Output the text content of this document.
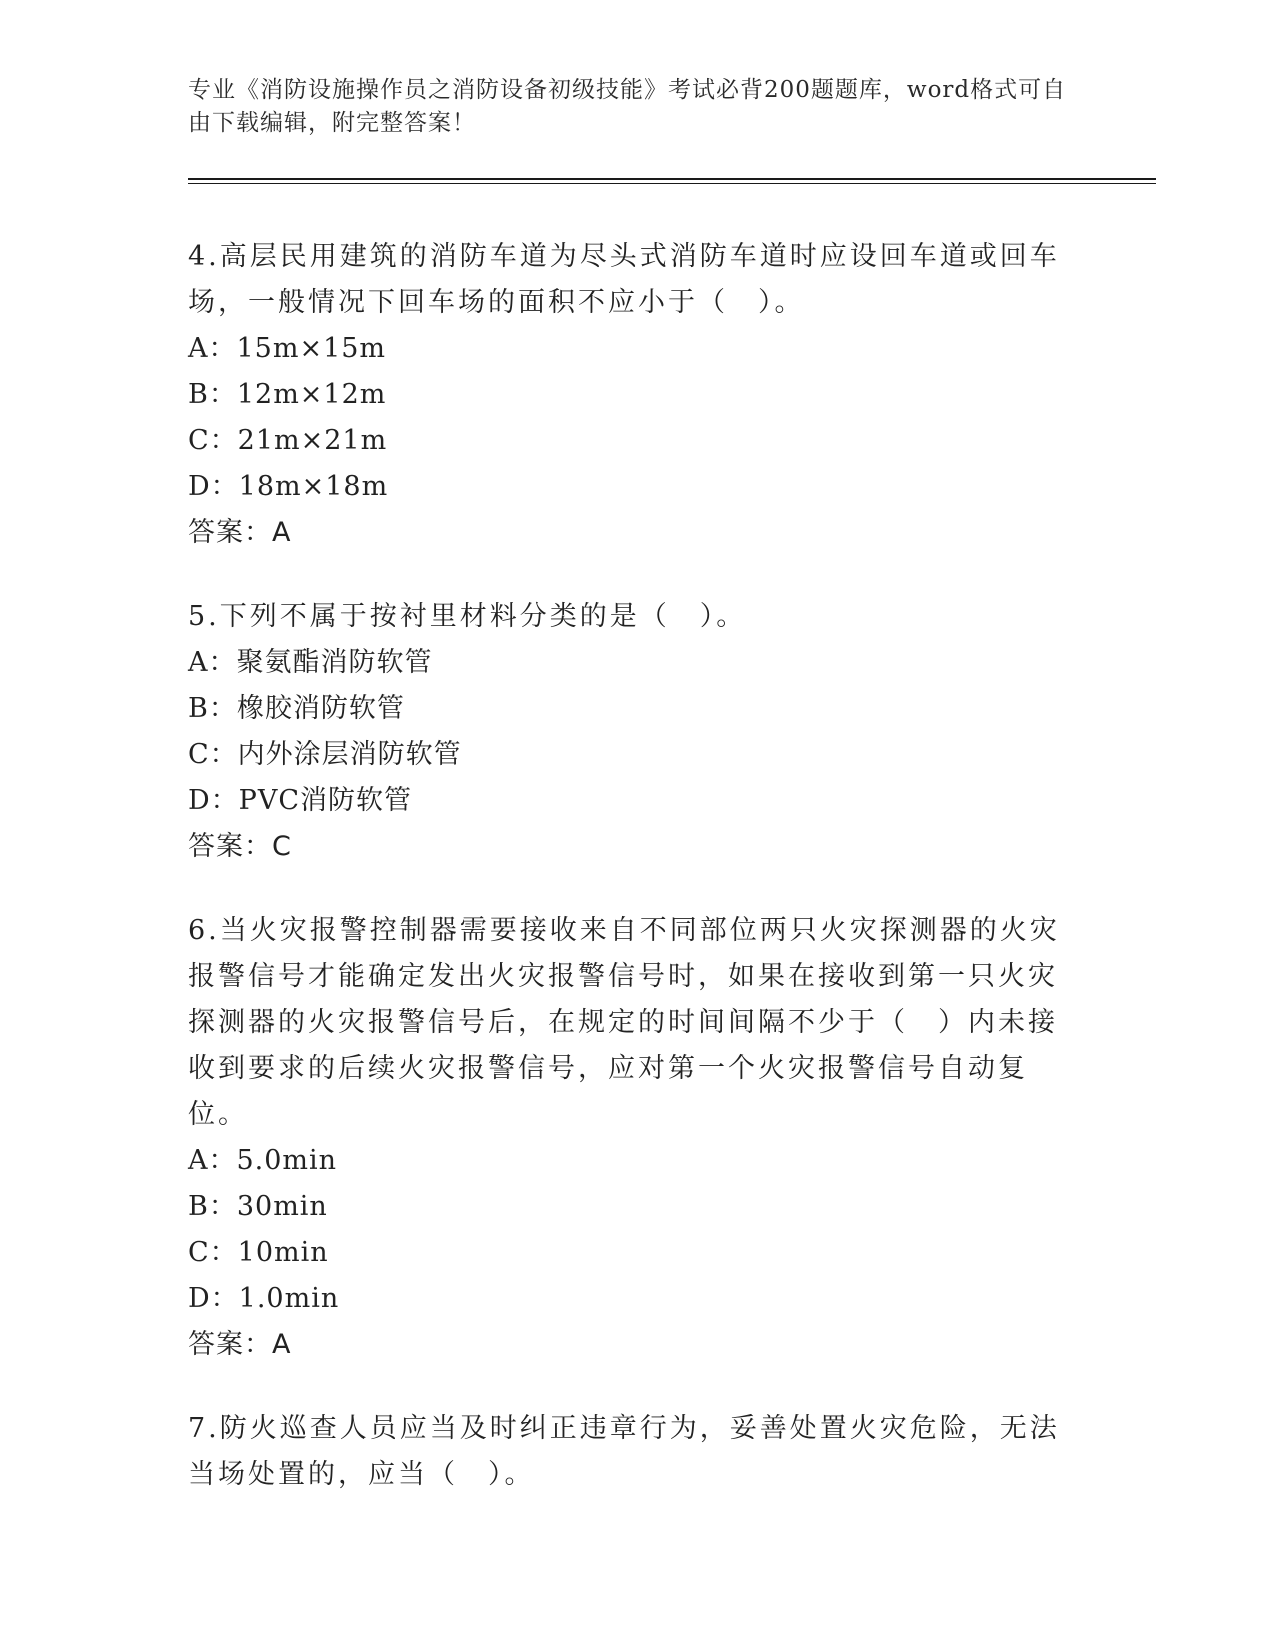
专业《消防设施操作员之消防设备初级技能》考试必背200题题库，word格式可自由下载编辑，附完整答案！

4.高层民用建筑的消防车道为尽头式消防车道时应设回车道或回车场，一般情况下回车场的面积不应小于（　）。

A：15m×15m

B：12m×12m

C：21m×21m

D：18m×18m

答案：A

5.下列不属于按衬里材料分类的是（　）。

A：聚氨酯消防软管

B：橡胶消防软管

C：内外涂层消防软管

D：PVC消防软管

答案：C

6.当火灾报警控制器需要接收来自不同部位两只火灾探测器的火灾报警信号才能确定发出火灾报警信号时，如果在接收到第一只火灾探测器的火灾报警信号后，在规定的时间间隔不少于（　）内未接收到要求的后续火灾报警信号，应对第一个火灾报警信号自动复位。

A：5.0min

B：30min

C：10min

D：1.0min

答案：A

7.防火巡查人员应当及时纠正违章行为，妥善处置火灾危险，无法当场处置的，应当（　）。
